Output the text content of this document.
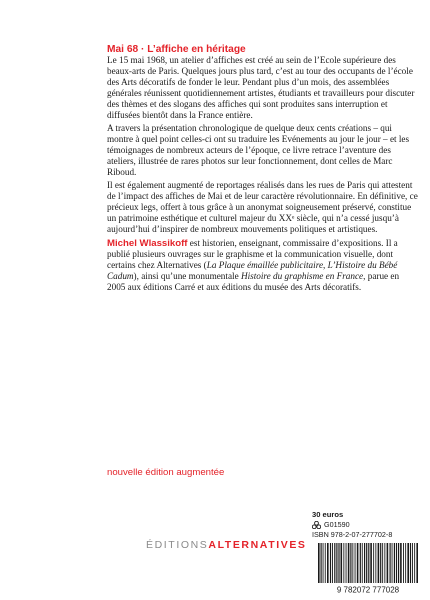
Mai 68 · L’affiche en héritage

Le 15 mai 1968, un atelier d’affiches est créé au sein de l’Ecole supérieure des beaux-arts de Paris. Quelques jours plus tard, c’est au tour des occupants de l’école des Arts décoratifs de fonder le leur. Pendant plus d’un mois, des assemblées générales réunissent quotidiennement artistes, étudiants et travailleurs pour discuter des thèmes et des slogans des affiches qui sont produites sans interruption et diffusées bientôt dans la France entière.

A travers la présentation chronologique de quelque deux cents créations – qui montre à quel point celles-ci ont su traduire les Evénements au jour le jour – et les témoignages de nombreux acteurs de l’époque, ce livre retrace l’aventure des ateliers, illustrée de rares photos sur leur fonctionnement, dont celles de Marc Riboud.

Il est également augmenté de reportages réalisés dans les rues de Paris qui attestent de l’impact des affiches de Mai et de leur caractère révolutionnaire. En définitive, ce précieux legs, offert à tous grâce à un anonymat soigneusement préservé, constitue un patrimoine esthétique et culturel majeur du XXᵉ siècle, qui n’a cessé jusqu’à aujourd’hui d’inspirer de nombreux mouvements politiques et artistiques.

Michel Wlassikoff est historien, enseignant, commissaire d’expositions. Il a publié plusieurs ouvrages sur le graphisme et la communication visuelle, dont certains chez Alternatives (La Plaque émaillée publicitaire, L’Histoire du Bébé Cadum), ainsi qu’une monumentale Histoire du graphisme en France, parue en 2005 aux éditions Carré et aux éditions du musée des Arts décoratifs.

nouvelle édition augmentée
ÉDITIONSALTERNATIVES
30 euros
G01590
ISBN 978-2-07-277702-8
9 782072 777028
